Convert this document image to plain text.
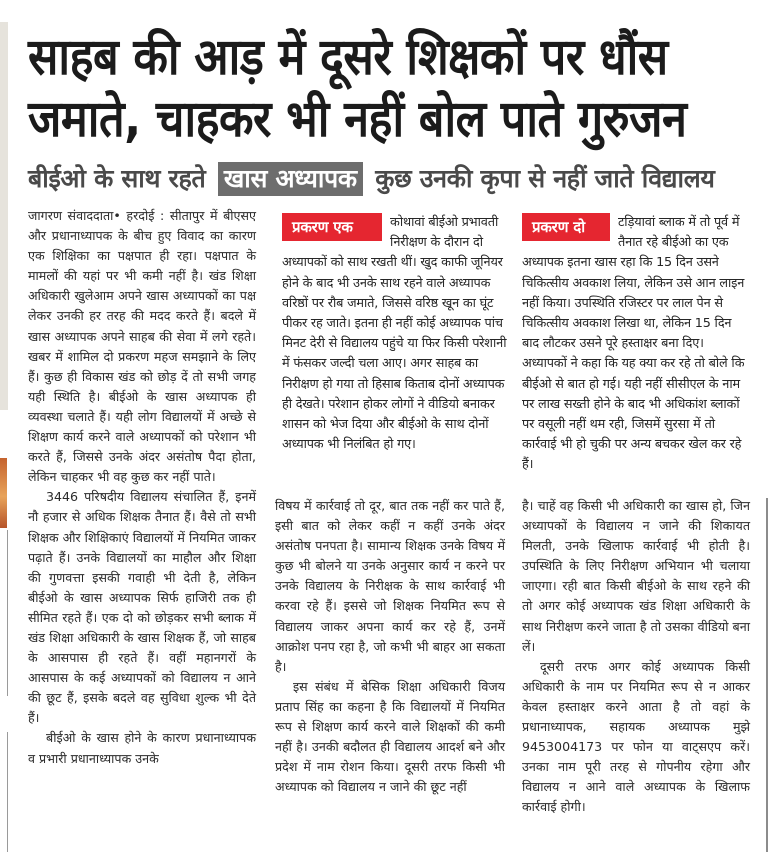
साहब की आड़ में दूसरे शिक्षकों पर धौंस
जमाते, चाहकर भी नहीं बोल पाते गुरुजन
बीईओ के साथ रहते खास अध्यापक कुछ उनकी कृपा से नहीं जाते विद्यालय

जागरण संवाददाता• हरदोई : सीतापुर में बीएसए और प्रधानाध्यापक के बीच हुए विवाद का कारण एक शिक्षिका का पक्षपात ही रहा। पक्षपात के मामलों की यहां पर भी कमी नहीं है। खंड शिक्षा अधिकारी खुलेआम अपने खास अध्यापकों का पक्ष लेकर उनकी हर तरह की मदद करते हैं। बदले में खास अध्यापक अपने साहब की सेवा में लगे रहते। खबर में शामिल दो प्रकरण महज समझाने के लिए हैं। कुछ ही विकास खंड को छोड़ दें तो सभी जगह यही स्थिति है। बीईओ के खास अध्यापक ही व्यवस्था चलाते हैं। यही लोग विद्यालयों में अच्छे से शिक्षण कार्य करने वाले अध्यापकों को परेशान भी करते हैं, जिससे उनके अंदर असंतोष पैदा होता, लेकिन चाहकर भी वह कुछ कर नहीं पाते।

3446 परिषदीय विद्यालय संचालित हैं, इनमें नौ हजार से अधिक शिक्षक तैनात हैं। वैसे तो सभी शिक्षक और शिक्षिकाएं विद्यालयों में नियमित जाकर पढ़ाते हैं। उनके विद्यालयों का माहौल और शिक्षा की गुणवत्ता इसकी गवाही भी देती है, लेकिन बीईओ के खास अध्यापक सिर्फ हाजिरी तक ही सीमित रहते हैं। एक दो को छोड़कर सभी ब्लाक में खंड शिक्षा अधिकारी के खास शिक्षक हैं, जो साहब के आसपास ही रहते हैं। वहीं महानगरों के आसपास के कई अध्यापकों को विद्यालय न आने की छूट हैं, इसके बदले वह सुविधा शुल्क भी देते हैं।

बीईओ के खास होने के कारण प्रधानाध्यापक व प्रभारी प्रधानाध्यापक उनके

प्रकरण एक	कोथावां बीईओ प्रभावती निरीक्षण के दौरान दो अध्यापकों को साथ रखती थीं। खुद काफी जूनियर होने के बाद भी उनके साथ रहने वाले अध्यापक वरिष्ठों पर रौब जमाते, जिससे वरिष्ठ खून का घूंट पीकर रह जाते। इतना ही नहीं कोई अध्यापक पांच मिनट देरी से विद्यालय पहुंचे या फिर किसी परेशानी में फंसकर जल्दी चला आए। अगर साहब का निरीक्षण हो गया तो हिसाब किताब दोनों अध्यापक ही देखते। परेशान होकर लोगों ने वीडियो बनाकर शासन को भेज दिया और बीईओ के साथ दोनों अध्यापक भी निलंबित हो गए।
प्रकरण दो	टड़ियावां ब्लाक में तो पूर्व में तैनात रहे बीईओ का एक अध्यापक इतना खास रहा कि 15 दिन उसने चिकित्सीय अवकाश लिया, लेकिन उसे आन लाइन नहीं किया। उपस्थिति रजिस्टर पर लाल पेन से चिकित्सीय अवकाश लिखा था, लेकिन 15 दिन बाद लौटकर उसने पूरे हस्ताक्षर बना दिए। अध्यापकों ने कहा कि यह क्या कर रहे तो बोले कि बीईओ से बात हो गई। यही नहीं सीसीएल के नाम पर लाख सख्ती होने के बाद भी अधिकांश ब्लाकों पर वसूली नहीं थम रही, जिसमें सुरसा में तो कार्रवाई भी हो चुकी पर अन्य बचकर खेल कर रहे हैं।

विषय में कार्रवाई तो दूर, बात तक नहीं कर पाते हैं, इसी बात को लेकर कहीं न कहीं उनके अंदर असंतोष पनपता है। सामान्य शिक्षक उनके विषय में कुछ भी बोलने या उनके अनुसार कार्य न करने पर उनके विद्यालय के निरीक्षक के साथ कार्रवाई भी करवा रहे हैं। इससे जो शिक्षक नियमित रूप से विद्यालय जाकर अपना कार्य कर रहे हैं, उनमें आक्रोश पनप रहा है, जो कभी भी बाहर आ सकता है।

इस संबंध में बेसिक शिक्षा अधिकारी विजय प्रताप सिंह का कहना है कि विद्यालयों में नियमित रूप से शिक्षण कार्य करने वाले शिक्षकों की कमी नहीं है। उनकी बदौलत ही विद्यालय आदर्श बने और प्रदेश में नाम रोशन किया। दूसरी तरफ किसी भी अध्यापक को विद्यालय न जाने की छूट नहीं

है। चाहें वह किसी भी अधिकारी का खास हो, जिन अध्यापकों के विद्यालय न जाने की शिकायत मिलती, उनके खिलाफ कार्रवाई भी होती है। उपस्थिति के लिए निरीक्षण अभियान भी चलाया जाएगा। रही बात किसी बीईओ के साथ रहने की तो अगर कोई अध्यापक खंड शिक्षा अधिकारी के साथ निरीक्षण करने जाता है तो उसका वीडियो बना लें।

दूसरी तरफ अगर कोई अध्यापक किसी अधिकारी के नाम पर नियमित रूप से न आकर केवल हस्ताक्षर करने आता है तो वहां के प्रधानाध्यापक, सहायक अध्यापक मुझे 9453004173 पर फोन या वाट्सएप करें। उनका नाम पूरी तरह से गोपनीय रहेगा और विद्यालय न आने वाले अध्यापक के खिलाफ कार्रवाई होगी।
